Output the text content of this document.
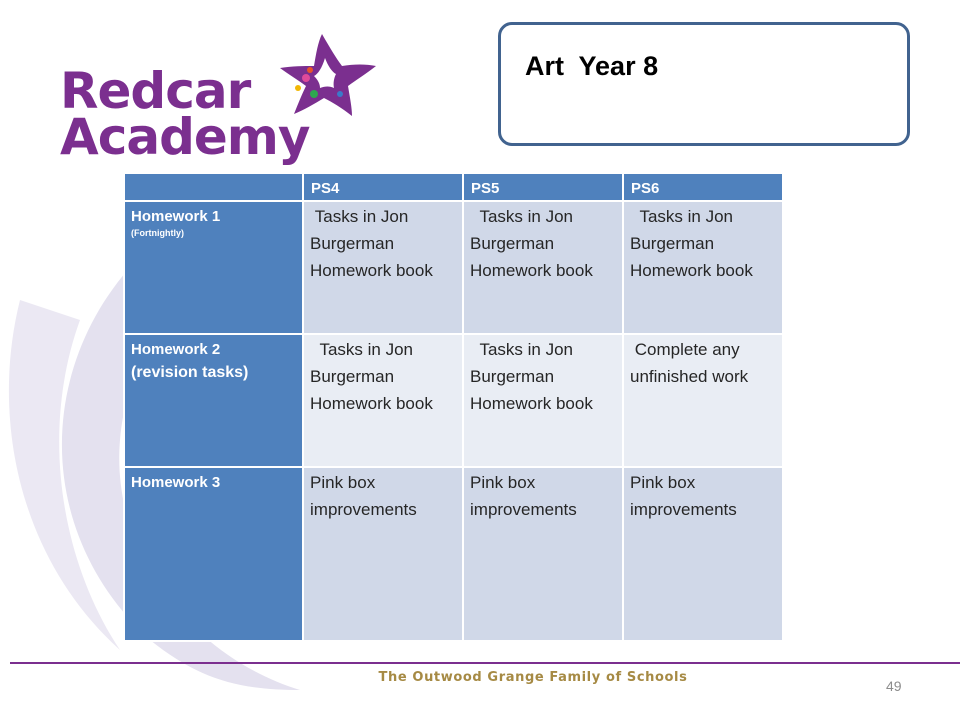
Redcar
Academy
Art  Year 8

	PS4	PS5	PS6

Homework 1
(Fortnightly)	Tasks in Jon Burgerman Homework book	Tasks in Jon Burgerman Homework book	Tasks in Jon Burgerman Homework book

Homework 2
(revision tasks)	Tasks in Jon Burgerman Homework book	Tasks in Jon Burgerman Homework book	Complete any unfinished work

Homework 3	Pink box improvements	Pink box improvements	Pink box improvements
The Outwood Grange Family of Schools
49
